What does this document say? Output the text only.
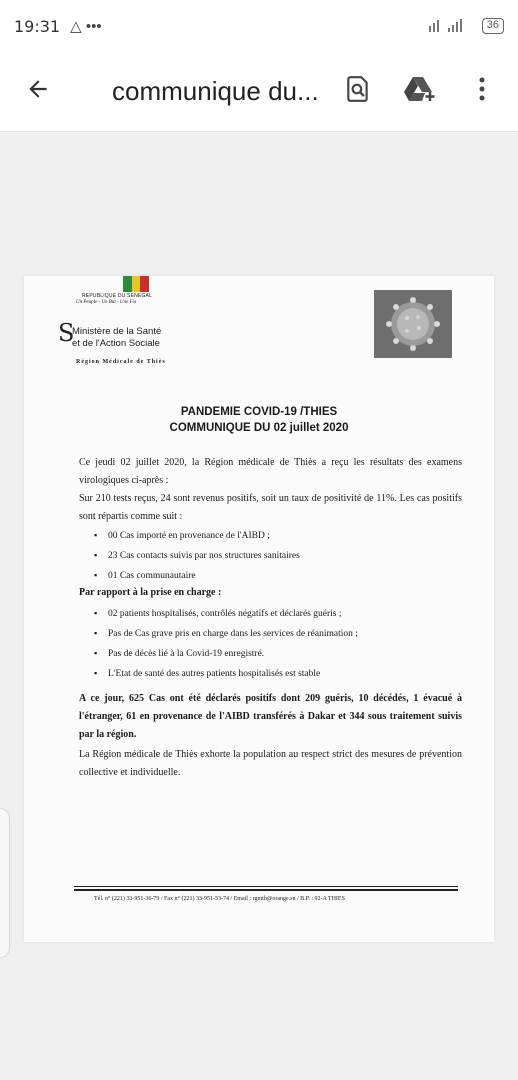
19:31 △ •••	36
communique du...
REPUBLIQUE DU SENEGAL
Un Peuple - Un But - Une Foi
S
Ministère de la Santé
et de l'Action Sociale
Région Médicale de Thiès
PANDEMIE COVID-19 /THIES
COMMUNIQUE DU 02 juillet 2020
Ce jeudi 02 juillet 2020, la Région médicale de Thiès a reçu les résultats des examens virologiques ci-après :
Sur 210 tests reçus, 24 sont revenus positifs, soit un taux de positivité de 11%. Les cas positifs sont répartis comme suit :
▪ 00 Cas importé en provenance de l'AIBD ;
▪ 23 Cas contacts suivis par nos structures sanitaires
▪ 01 Cas communautaire
Par rapport à la prise en charge :
▪ 02 patients hospitalisés, contrôlés négatifs et déclarés guéris ;
▪ Pas de Cas grave pris en charge dans les services de réanimation ;
▪ Pas de décès lié à la Covid-19 enregistré.
▪ L'Etat de santé des autres patients hospitalisés est stable
A ce jour, 625 Cas ont été déclarés positifs dont 209 guéris, 10 décédés, 1 évacué à l'étranger, 61 en provenance de l'AIBD transférés à Dakar et 344 sous traitement suivis par la région.
La Région médicale de Thiès exhorte la population au respect strict des mesures de prévention collective et individuelle.
Tél. n° (221) 33-951-36-79 / Fax n° (221) 33-951-53-74 / Email : rgmth@orange.sn / B.P. : 92-A THIES
